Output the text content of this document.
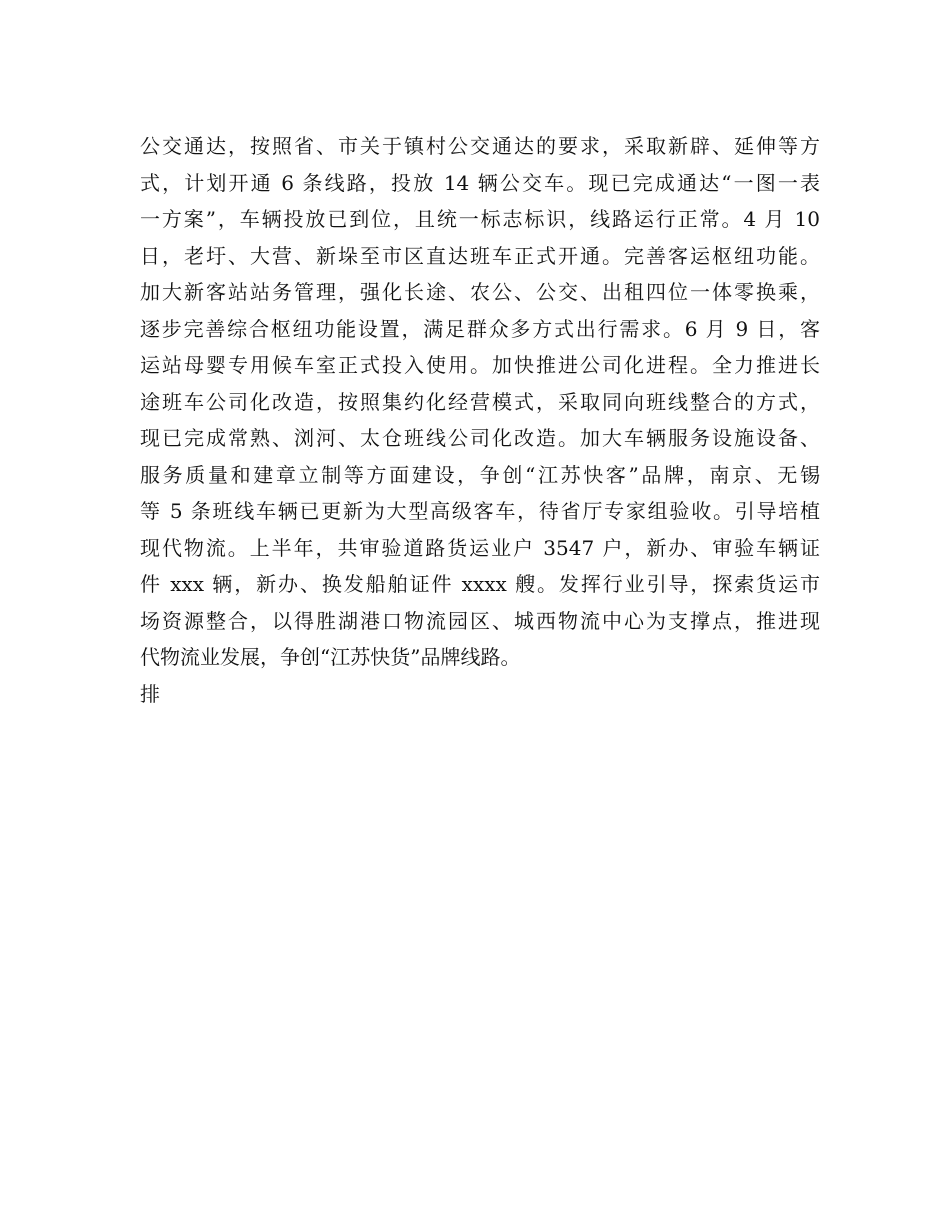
公交通达，按照省、市关于镇村公交通达的要求，采取新辟、延伸等方
式，计划开通 6 条线路，投放 14 辆公交车。现已完成通达“一图一表
一方案”，车辆投放已到位，且统一标志标识，线路运行正常。4 月 10
日，老圩、大营、新垛至市区直达班车正式开通。完善客运枢纽功能。
加大新客站站务管理，强化长途、农公、公交、出租四位一体零换乘，
逐步完善综合枢纽功能设置，满足群众多方式出行需求。6 月 9 日，客
运站母婴专用候车室正式投入使用。加快推进公司化进程。全力推进长
途班车公司化改造，按照集约化经营模式，采取同向班线整合的方式，
现已完成常熟、浏河、太仓班线公司化改造。加大车辆服务设施设备、
服务质量和建章立制等方面建设，争创“江苏快客”品牌，南京、无锡
等 5 条班线车辆已更新为大型高级客车，待省厅专家组验收。引导培植
现代物流。上半年，共审验道路货运业户 3547 户，新办、审验车辆证
件 xxx 辆，新办、换发船舶证件 xxxx 艘。发挥行业引导，探索货运市
场资源整合，以得胜湖港口物流园区、城西物流中心为支撑点，推进现
代物流业发展，争创“江苏快货”品牌线路。
排
